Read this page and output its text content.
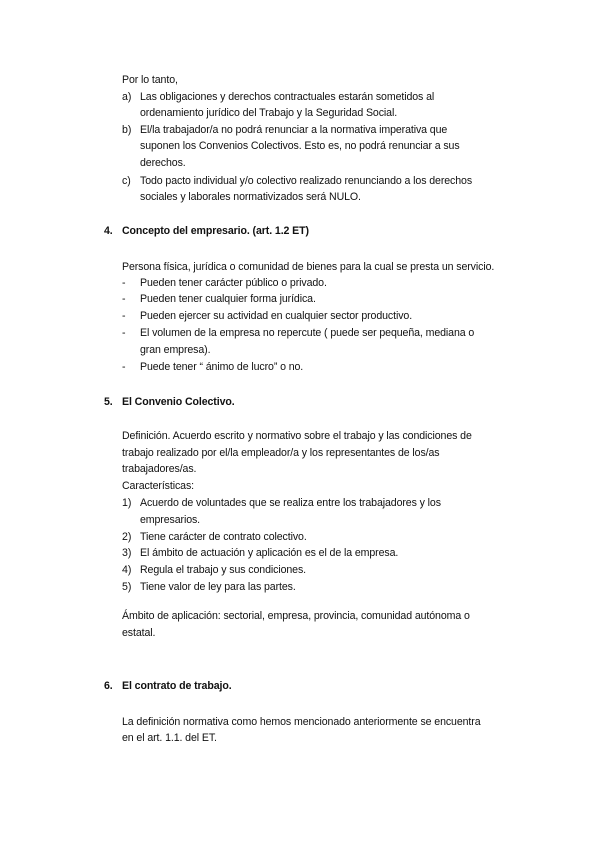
Por lo tanto,
a) Las obligaciones y derechos contractuales estarán sometidos al
ordenamiento jurídico del Trabajo y la Seguridad Social.
b) El/la trabajador/a no podrá renunciar a la normativa imperativa que
suponen los Convenios Colectivos. Esto es, no podrá renunciar a sus
derechos.
c) Todo pacto individual y/o colectivo realizado renunciando a los derechos
sociales y laborales normativizados será NULO.
4. Concepto del empresario. (art. 1.2 ET)
Persona física, jurídica o comunidad de bienes para la cual se presta un servicio.
- Pueden tener carácter público o privado.
- Pueden tener cualquier forma jurídica.
- Pueden ejercer su actividad en cualquier sector productivo.
- El volumen de la empresa no repercute ( puede ser pequeña, mediana o
gran empresa).
- Puede tener “ ánimo de lucro” o no.
5. El Convenio Colectivo.
Definición. Acuerdo escrito y normativo sobre el trabajo y las condiciones de
trabajo realizado por el/la empleador/a y los representantes de los/as
trabajadores/as.
Características:
1) Acuerdo de voluntades que se realiza entre los trabajadores y los
empresarios.
2) Tiene carácter de contrato colectivo.
3) El ámbito de actuación y aplicación es el de la empresa.
4) Regula el trabajo y sus condiciones.
5) Tiene valor de ley para las partes.
Ámbito de aplicación: sectorial, empresa, provincia, comunidad autónoma o
estatal.
6. El contrato de trabajo.
La definición normativa como hemos mencionado anteriormente se encuentra
en el art. 1.1. del ET.
